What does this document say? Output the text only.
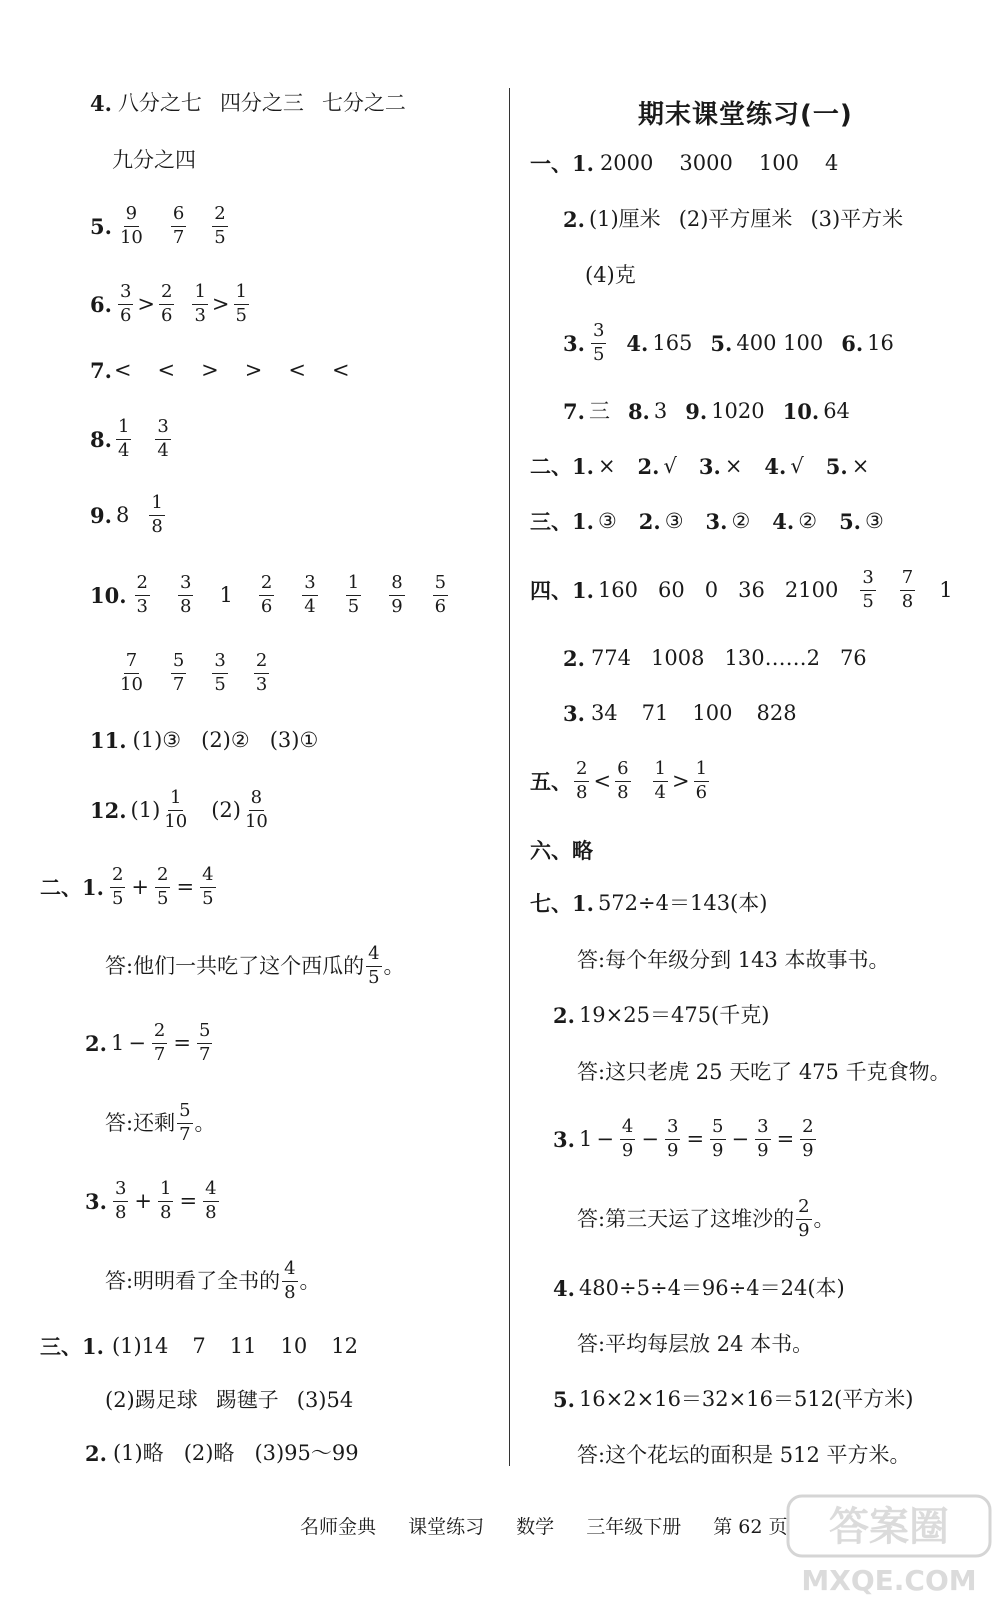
4. 八分之七 四分之三 七分之二
九分之四
5. $\frac{9}{10} \frac{6}{7} \frac{2}{5}$
6. $\frac{3}{6} > \frac{2}{6} \frac{1}{3} > \frac{1}{5}$
7. < < > > < <
8. $\frac{1}{4} \frac{3}{4}$
9. $8 \frac{1}{8}$
10. $\frac{2}{3} \frac{3}{8} 1 \frac{2}{6} \frac{3}{4} \frac{1}{5} \frac{8}{9} \frac{5}{6}$
$\frac{7}{10} \frac{5}{7} \frac{3}{5} \frac{2}{3}$
11. (1)③ (2)② (3)①
12. $(1) \frac{1}{10} (2) \frac{8}{10}$
二、 1. $\frac{2}{5} + \frac{2}{5} = \frac{4}{5}$
答:他们一共吃了这个西瓜的 $\frac{4}{5}$ 。
2. $1 - \frac{2}{7} = \frac{5}{7}$
答:还剩 $\frac{5}{7}$ 。
3. $\frac{3}{8} + \frac{1}{8} = \frac{4}{8}$
答:明明看了全书的 $\frac{4}{8}$ 。
三、 1. (1)14 7 11 10 12
(2)踢足球 踢毽子 (3)54
2. (1)略 (2)略 (3)95～99
期末课堂练习(一)
一、 1. 2000 3000 100 4
2. (1)厘米 (2)平方厘米 (3)平方米
(4)克
3. $\frac{3}{5} 4$. 165 5. 400 100 6. 16
7. 三 8. 3 9. 1020 10. 64
二、 1. × 2. √ 3. × 4. √ 5. ×
三、 1. ③ 2. ③ 3. ② 4. ② 5. ③
四、 1. 160 60 0 36 $2100 \frac{3}{5} \frac{7}{8} 1$
2. 774 1008 130……2 76
3. 34 71 100 828
五、 $\frac{2}{8} < \frac{6}{8} \frac{1}{4} > \frac{1}{6}$
六、略
七、 1. 572÷4＝143(本)
答:每个年级分到 143 本故事书。
2. 19×25＝475(千克)
答:这只老虎 25 天吃了 475 千克食物。
3. $1 - \frac{4}{9} - \frac{3}{9} = \frac{5}{9} - \frac{3}{9} = \frac{2}{9}$
答:第三天运了这堆沙的 $\frac{2}{9}$ 。
4. 480÷5÷4＝96÷4＝24(本)
答:平均每层放 24 本书。
5. 16×2×16＝32×16＝512(平方米)
答:这个花坛的面积是 512 平方米。
名师金典 课堂练习 数学 三年级下册 第 62 页	答案圈
MXQE.COM
